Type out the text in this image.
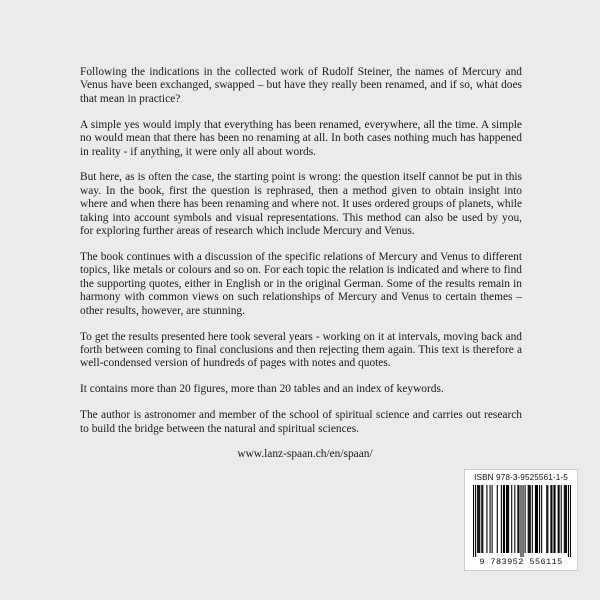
Following the indications in the collected work of Rudolf Steiner, the names of Mercury and Venus have been exchanged, swapped – but have they really been renamed, and if so, what does that mean in practice?

A simple yes would imply that everything has been renamed, everywhere, all the time. A simple no would mean that there has been no renaming at all. In both cases nothing much has happened in reality - if anything, it were only all about words.

But here, as is often the case, the starting point is wrong: the question itself cannot be put in this way. In the book, first the question is rephrased, then a method given to obtain insight into where and when there has been renaming and where not. It uses ordered groups of planets, while taking into account symbols and visual representations. This method can also be used by you, for exploring further areas of research which include Mercury and Venus.

The book continues with a discussion of the specific relations of Mercury and Venus to different topics, like metals or colours and so on. For each topic the relation is indicated and where to find the supporting quotes, either in English or in the original German. Some of the results remain in harmony with common views on such relationships of Mercury and Venus to certain themes – other results, however, are stunning.

To get the results presented here took several years - working on it at intervals, moving back and forth between coming to final conclusions and then rejecting them again. This text is therefore a well-condensed version of hundreds of pages with notes and quotes.

It contains more than 20 figures, more than 20 tables and an index of keywords.

The author is astronomer and member of the school of spiritual science and carries out research to build the bridge between the natural and spiritual sciences.

www.lanz-spaan.ch/en/spaan/
ISBN 978-3-9525561-1-5
9 783952 556115
